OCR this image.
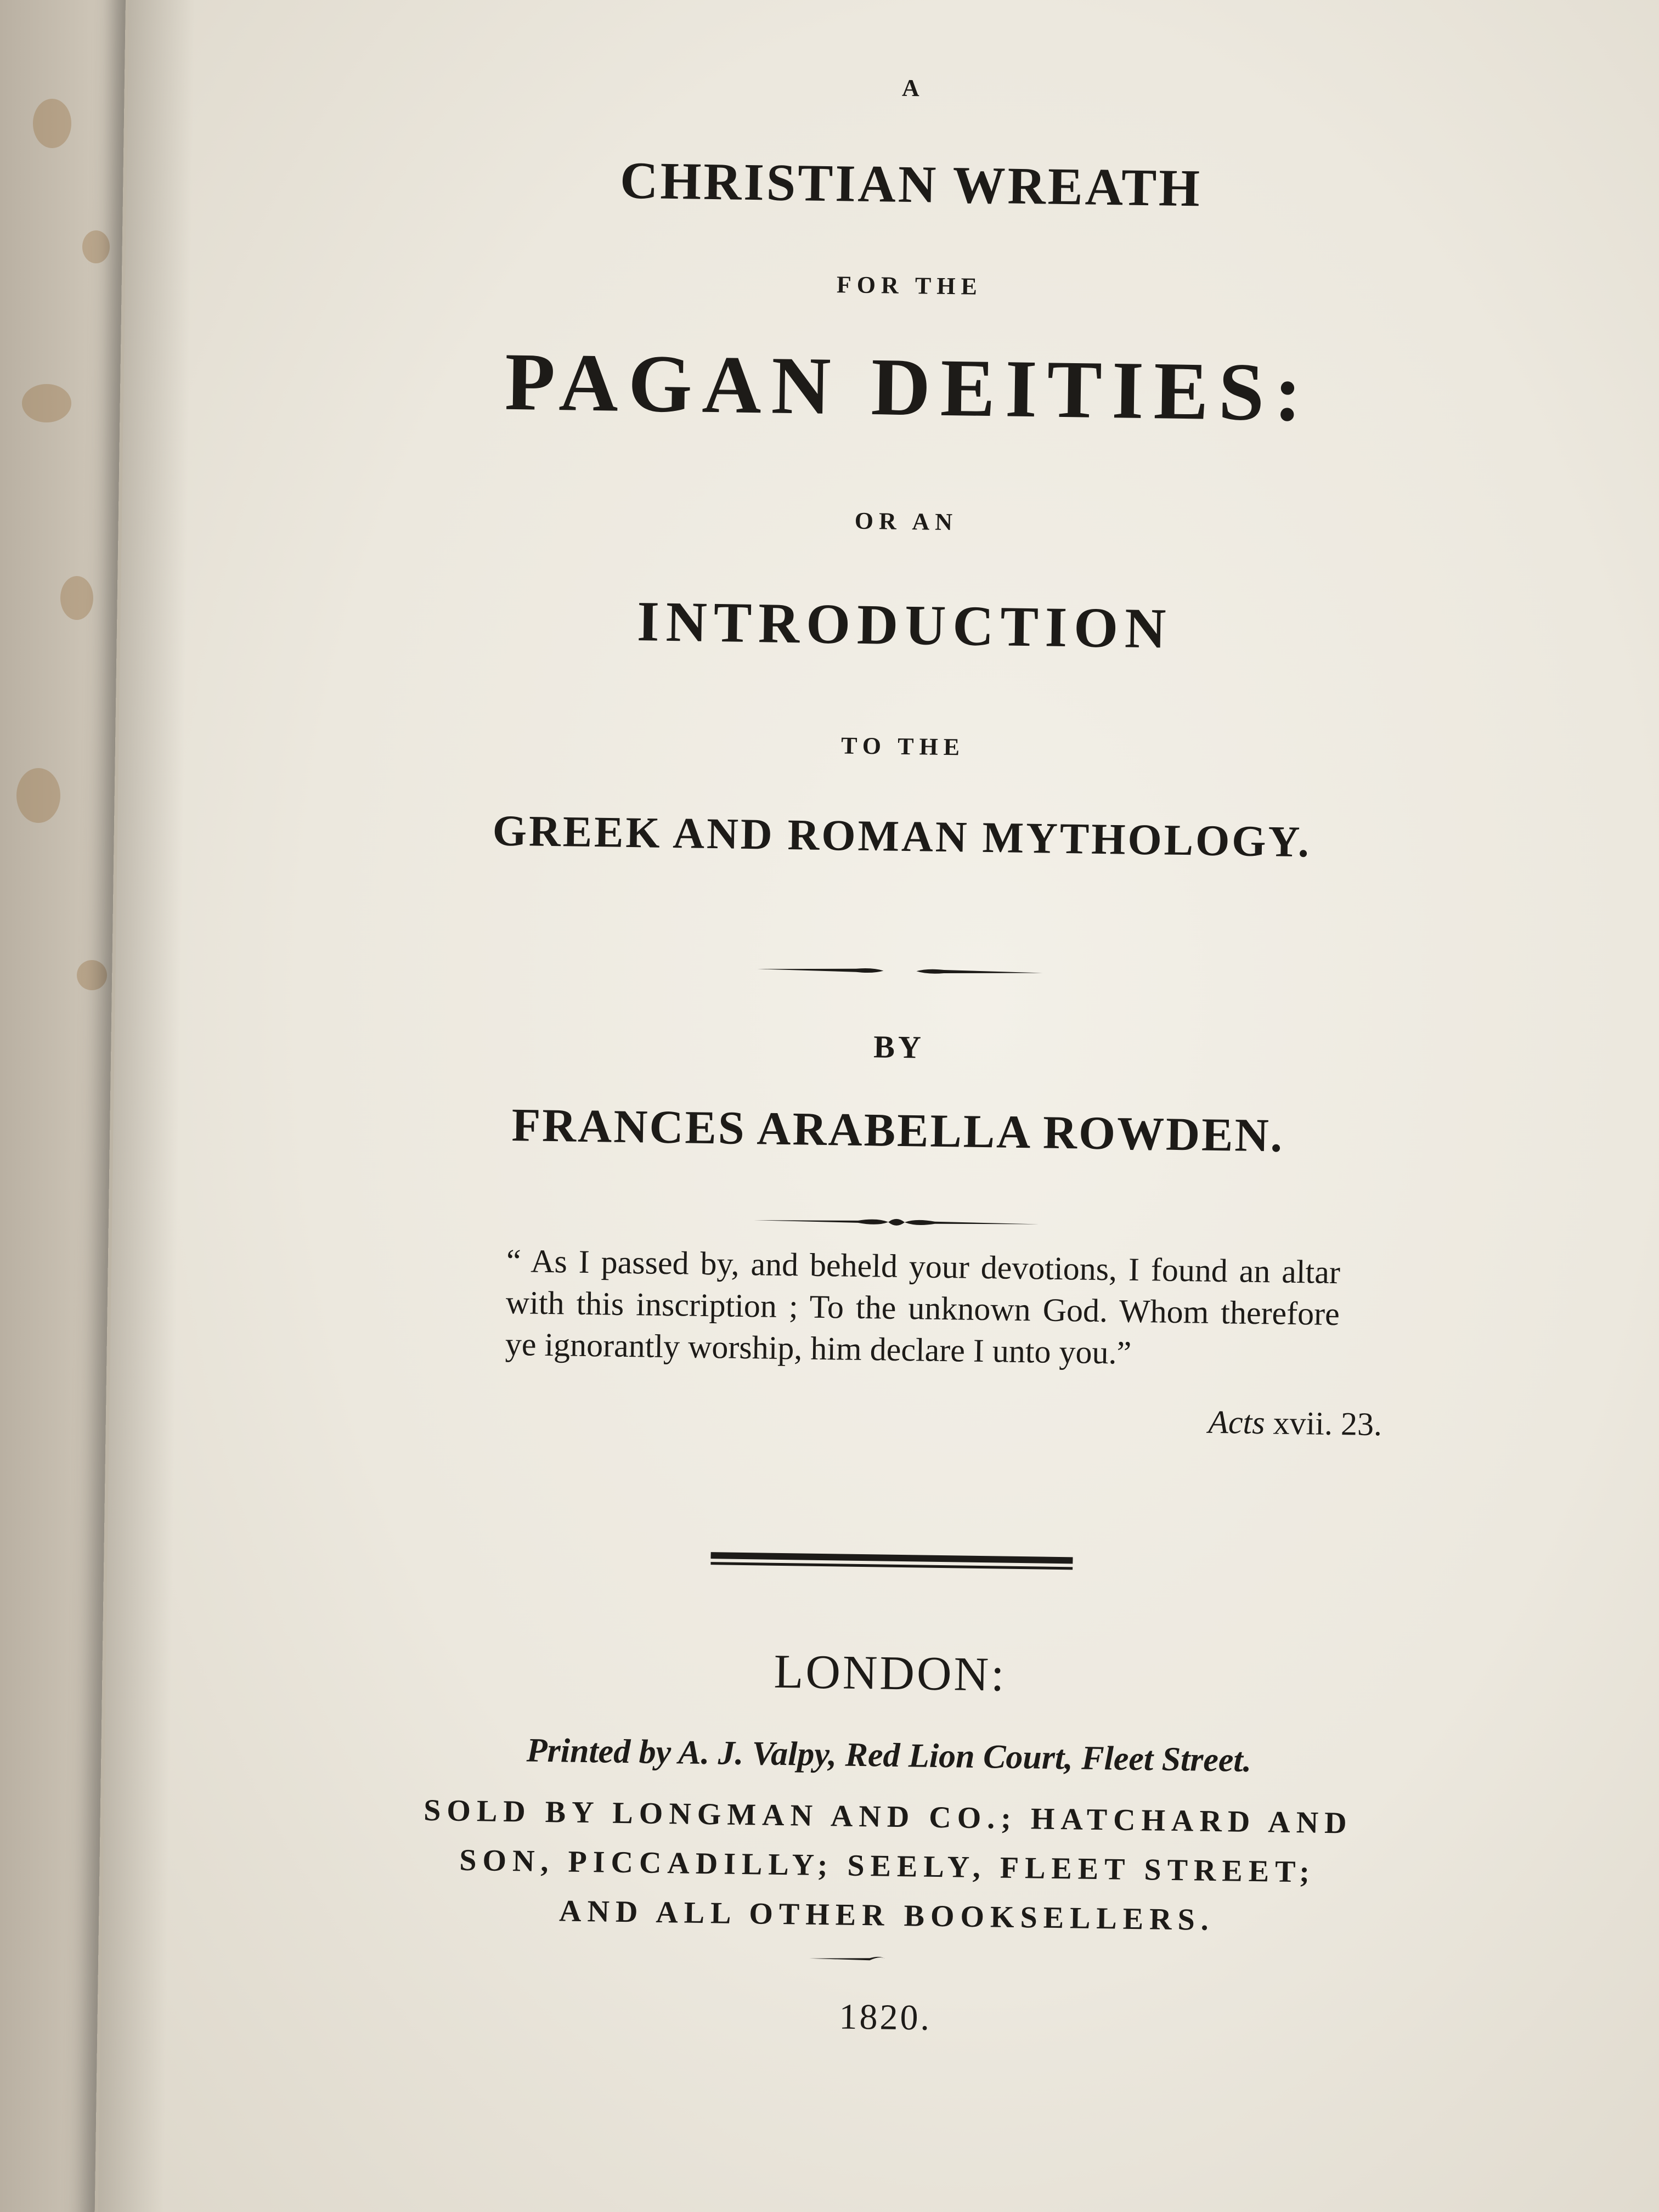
A
CHRISTIAN WREATH
FOR THE
PAGAN DEITIES:
OR AN
INTRODUCTION
TO THE
GREEK AND ROMAN MYTHOLOGY.
BY
FRANCES ARABELLA ROWDEN.
“ As I passed by, and beheld your devotions, I found an altar
with this inscription ; To the unknown God. Whom therefore
ye ignorantly worship, him declare I unto you.”
Acts xvii. 23.
LONDON:
Printed by A. J. Valpy, Red Lion Court, Fleet Street.
SOLD BY LONGMAN AND CO.; HATCHARD AND
SON, PICCADILLY; SEELY, FLEET STREET;
AND ALL OTHER BOOKSELLERS.
1820.
